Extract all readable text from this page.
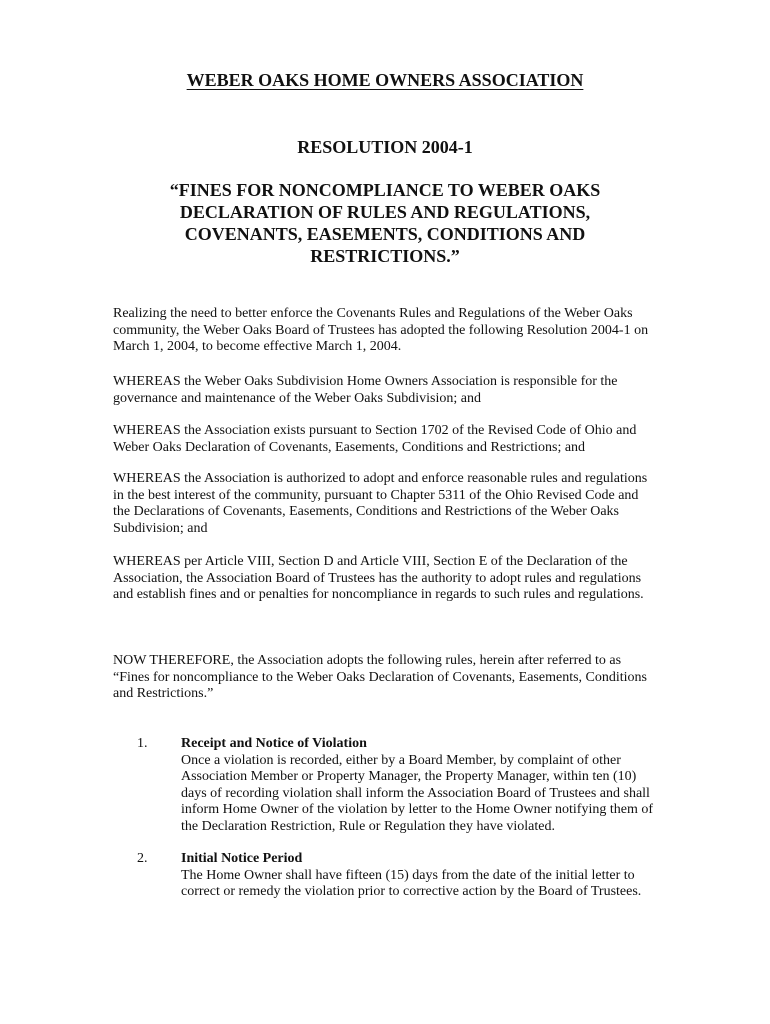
WEBER OAKS HOME OWNERS ASSOCIATION
RESOLUTION 2004-1
“FINES FOR NONCOMPLIANCE TO WEBER OAKS DECLARATION OF RULES AND REGULATIONS, COVENANTS, EASEMENTS, CONDITIONS AND RESTRICTIONS.”

Realizing the need to better enforce the Covenants Rules and Regulations of the Weber Oaks community, the Weber Oaks Board of Trustees has adopted the following Resolution 2004-1 on March 1, 2004, to become effective March 1, 2004.

WHEREAS the Weber Oaks Subdivision Home Owners Association is responsible for the governance and maintenance of the Weber Oaks Subdivision; and

WHEREAS the Association exists pursuant to Section 1702 of the Revised Code of Ohio and Weber Oaks Declaration of Covenants, Easements, Conditions and Restrictions; and

WHEREAS the Association is authorized to adopt and enforce reasonable rules and regulations in the best interest of the community, pursuant to Chapter 5311 of the Ohio Revised Code and the Declarations of Covenants, Easements, Conditions and Restrictions of the Weber Oaks Subdivision; and

WHEREAS per Article VIII, Section D and Article VIII, Section E of the Declaration of the Association, the Association Board of Trustees has the authority to adopt rules and regulations and establish fines and or penalties for noncompliance in regards to such rules and regulations.

NOW THEREFORE, the Association adopts the following rules, herein after referred to as “Fines for noncompliance to the Weber Oaks Declaration of Covenants, Easements, Conditions and Restrictions.”

1. Receipt and Notice of Violation

Once a violation is recorded, either by a Board Member, by complaint of other Association Member or Property Manager, the Property Manager, within ten (10) days of recording violation shall inform the Association Board of Trustees and shall inform Home Owner of the violation by letter to the Home Owner notifying them of the Declaration Restriction, Rule or Regulation they have violated.

2. Initial Notice Period

The Home Owner shall have fifteen (15) days from the date of the initial letter to correct or remedy the violation prior to corrective action by the Board of Trustees.
